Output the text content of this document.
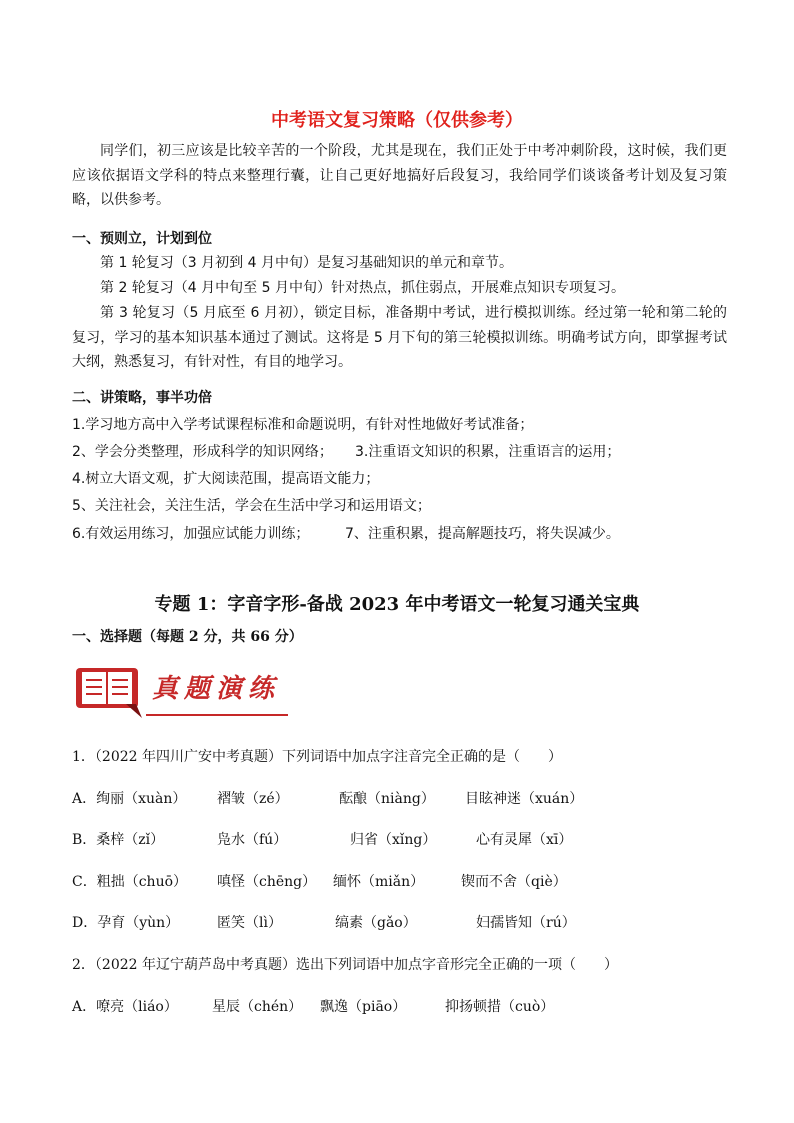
中考语文复习策略（仅供参考）

同学们，初三应该是比较辛苦的一个阶段，尤其是现在，我们正处于中考冲刺阶段，这时候，我们更应该依据语文学科的特点来整理行囊，让自己更好地搞好后段复习，我给同学们谈谈备考计划及复习策略，以供参考。

一、预则立，计划到位
第 1 轮复习（3 月初到 4 月中旬）是复习基础知识的单元和章节。
第 2 轮复习（4 月中旬至 5 月中旬）针对热点，抓住弱点，开展难点知识专项复习。

第 3 轮复习（5 月底至 6 月初），锁定目标，准备期中考试，进行模拟训练。经过第一轮和第二轮的复习，学习的基本知识基本通过了测试。这将是 5 月下旬的第三轮模拟训练。明确考试方向，即掌握考试大纲，熟悉复习，有针对性，有目的地学习。

二、讲策略，事半功倍
1.学习地方高中入学考试课程标准和命题说明，有针对性地做好考试准备；
2、学会分类整理，形成科学的知识网络； 3.注重语文知识的积累，注重语言的运用；
4.树立大语文观，扩大阅读范围，提高语文能力；
5、关注社会，关注生活，学会在生活中学习和运用语文；
6.有效运用练习，加强应试能力训练；	7、注重积累，提高解题技巧，将失误减少。
专题 1：字音字形-备战 2023 年中考语文一轮复习通关宝典
一、选择题（每题 2 分，共 66 分）
真题演练
1．（2022 年四川广安中考真题）下列词语中加点字注音完全正确的是（　　）
A．绚丽（xuàn） 褶皱（zé）	酝酿（niàng） 目眩神迷（xuán）
B．桑梓（zǐ）	凫水（fú）	归省（xǐng）	心有灵犀（xī）
C．粗拙（chuō） 嗔怪（chēng） 缅怀（miǎn）	锲而不舍（qiè）
D．孕育（yùn）	匿笑（lì）	缟素（gǎo）	妇孺皆知（rú）
2．（2022 年辽宁葫芦岛中考真题）选出下列词语中加点字音形完全正确的一项（　　）
A．嘹亮（liáo） 星辰（chén） 飘逸（piāo）	抑扬顿措（cuò）
